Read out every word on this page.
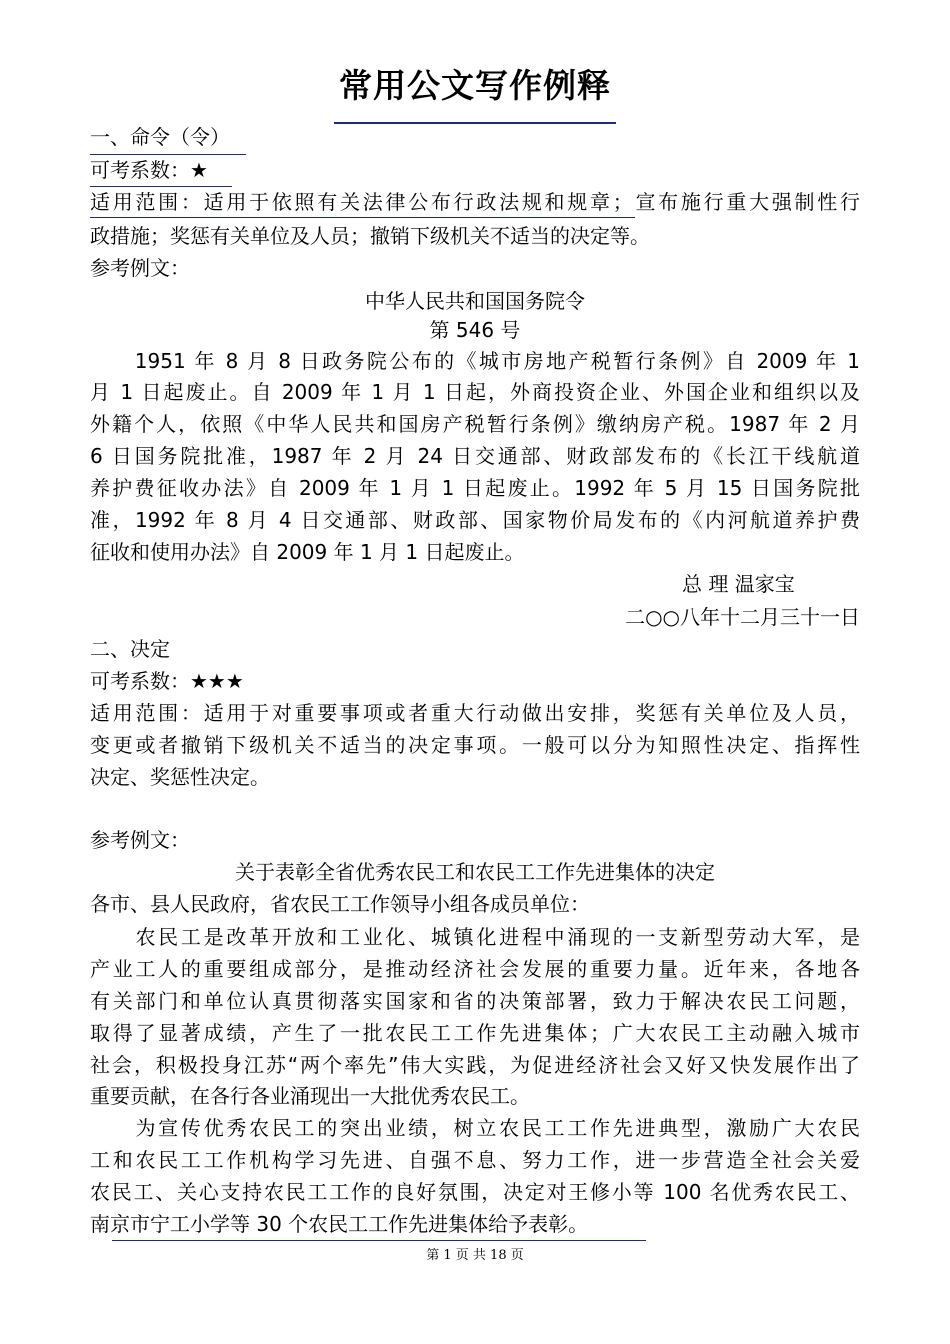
常用公文写作例释
一、命令（令）
可考系数：★
适用范围：适用于依照有关法律公布行政法规和规章；宣布施行重大强制性行
政措施；奖惩有关单位及人员；撤销下级机关不适当的决定等。
参考例文：
中华人民共和国国务院令
第 546 号
　　1951 年 8 月 8 日政务院公布的《城市房地产税暂行条例》自 2009 年 1
月 1 日起废止。自 2009 年 1 月 1 日起，外商投资企业、外国企业和组织以及
外籍个人，依照《中华人民共和国房产税暂行条例》缴纳房产税。1987 年 2 月
6 日国务院批准，1987 年 2 月 24 日交通部、财政部发布的《长江干线航道
养护费征收办法》自 2009 年 1 月 1 日起废止。1992 年 5 月 15 日国务院批
准，1992 年 8 月 4 日交通部、财政部、国家物价局发布的《内河航道养护费
征收和使用办法》自 2009 年 1 月 1 日起废止。
总 理 温家宝
二○○八年十二月三十一日
二、决定
可考系数：★★★
适用范围：适用于对重要事项或者重大行动做出安排，奖惩有关单位及人员，
变更或者撤销下级机关不适当的决定事项。一般可以分为知照性决定、指挥性
决定、奖惩性决定。
参考例文：
关于表彰全省优秀农民工和农民工工作先进集体的决定
各市、县人民政府，省农民工工作领导小组各成员单位：
　　农民工是改革开放和工业化、城镇化进程中涌现的一支新型劳动大军，是
产业工人的重要组成部分，是推动经济社会发展的重要力量。近年来，各地各
有关部门和单位认真贯彻落实国家和省的决策部署，致力于解决农民工问题，
取得了显著成绩，产生了一批农民工工作先进集体；广大农民工主动融入城市
社会，积极投身江苏“两个率先”伟大实践，为促进经济社会又好又快发展作出了
重要贡献，在各行各业涌现出一大批优秀农民工。
　　为宣传优秀农民工的突出业绩，树立农民工工作先进典型，激励广大农民
工和农民工工作机构学习先进、自强不息、努力工作，进一步营造全社会关爱
农民工、关心支持农民工工作的良好氛围，决定对王修小等 100 名优秀农民工、
南京市宁工小学等 30 个农民工工作先进集体给予表彰。
第 1 页 共 18 页
